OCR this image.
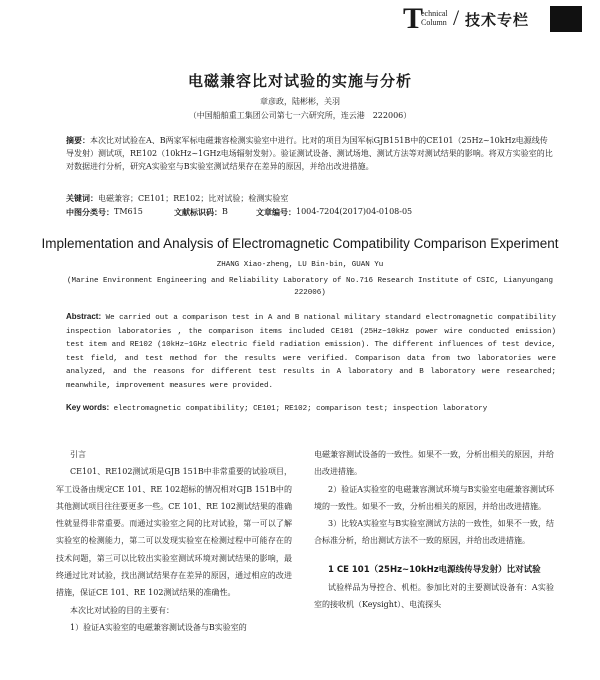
T
echnical Column / 技术专栏
电磁兼容比对试验的实施与分析
章彦政，陆彬彬，关羽
（中国船舶重工集团公司第七一六研究所，连云港　222006）
摘要：本次比对试验在A、B两家军标电磁兼容检测实验室中进行。比对的项目为国军标GJB151B中的CE101（25Hz~10kHz电源线传导发射）测试项，RE102（10kHz~1GHz电场辐射发射）。验证测试设备、测试场地、测试方法等对测试结果的影响。将双方实验室的比对数据进行分析，研究A实验室与B实验室测试结果存在差异的原因，并给出改进措施。
关键词：电磁兼容；CE101；RE102；比对试验；检测实验室
中图分类号： TM615	文献标识码： B	文章编号： 1004-7204(2017)04-0108-05
Implementation and Analysis of Electromagnetic Compatibility Comparison Experiment
ZHANG Xiao-zheng, LU Bin-bin, GUAN Yu
(Marine Environment Engineering and Reliability Laboratory of No.716 Research Institute of CSIC, Lianyungang 222006)
Abstract: We carried out a comparison test in A and B national military standard electromagnetic compatibility inspection laboratories , the comparison items included CE101 (25Hz~10kHz power wire conducted emission) test item and RE102 (10kHz~1GHz electric field radiation emission). The different influences of test device, test field, and test method for the results were verified. Comparison data from two laboratories were analyzed, and the reasons for different test results in A laboratory and B laboratory were researched; meanwhile, improvement measures were provided.
Key words: electromagnetic compatibility; CE101; RE102; comparison test; inspection laboratory
引言
CE101、RE102测试项是GJB 151B中非常重要的试验项目，军工设备由规定CE 101、RE 102超标的情况相对GJB 151B中的其他测试项目往往要更多一些。CE 101、RE 102测试结果的准确性就显得非常重要。而通过实验室之间的比对试验，第一可以了解实验室的检测能力，第二可以发现实验室在检测过程中可能存在的技术问题，第三可以比较出实验室测试环境对测试结果的影响，最终通过比对试验，找出测试结果存在差异的原因，通过相应的改进措施，保证CE 101、RE 102测试结果的准确性。
本次比对试验的目的主要有：
1）验证A实验室的电磁兼容测试设备与B实验室的
电磁兼容测试设备的一致性。如果不一致，分析出相关的原因，并给出改进措施。
2）验证A实验室的电磁兼容测试环境与B实验室电磁兼容测试环境的一致性。如果不一致，分析出相关的原因，并给出改进措施。
3）比较A实验室与B实验室测试方法的一致性，如果不一致，结合标准分析，给出测试方法不一致的原因，并给出改进措施。
1 CE 101（25Hz~10kHz电源线传导发射）比对试验
试验样品为导控合、机柜。参加比对的主要测试设备有：A实验室的接收机（Keysight）、电流探头
